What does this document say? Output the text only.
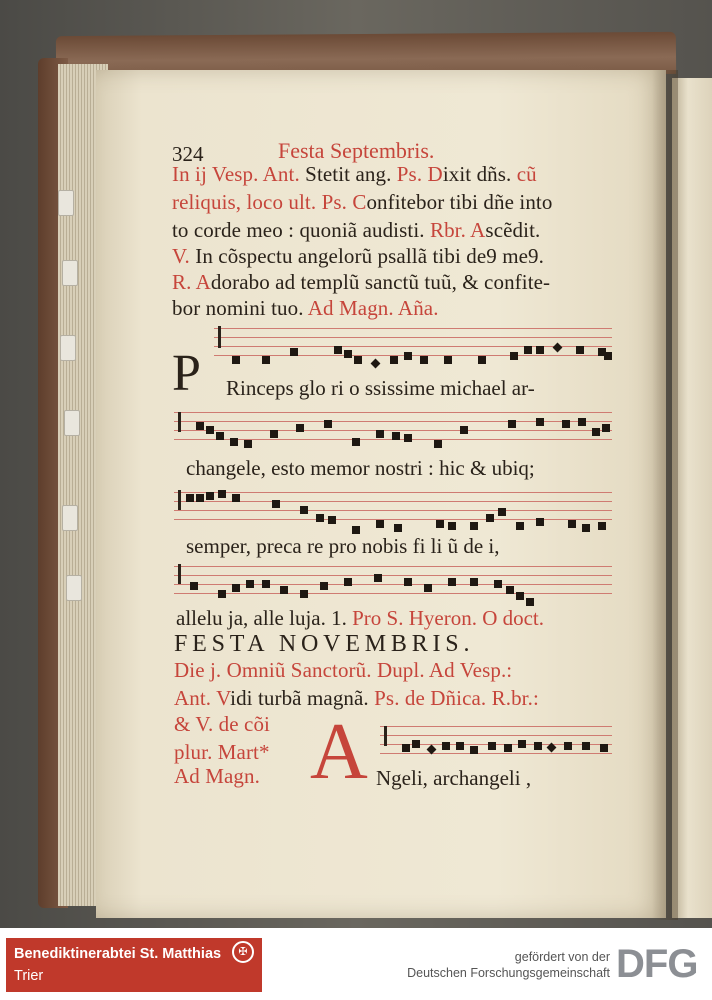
324	Festa Septembris.
In ij Vesp. Ant. Stetit ang. Ps. Dixit dñs. cũ
reliquis, loco ult. Ps. Confitebor tibi dñe into
to corde meo : quoniã audisti. Rbr. Ascẽdit.
V. In cõspectu angelorũ psallã tibi de9 me9.
R. Adorabo ad templũ sanctũ tuũ, & confite-
bor nomini tuo. Ad Magn. Aña.
P Rinceps glo ri o ssissime michael ar-
changele, esto memor nostri : hic & ubiq;
semper, preca re pro nobis fi li ũ de i,
allelu ja, alle luja. 1. Pro S. Hyeron. O doct.
FESTA NOVEMBRIS.
Die j. Omniũ Sanctorũ. Dupl. Ad Vesp.:
Ant. Vidi turbã magnã. Ps. de Dñica. R.br.:
& V. de cõi
plur. Mart*
Ad Magn. A Ngeli, archangeli ,
Benediktinerabtei St. Matthias
Trier
✠	gefördert von der
Deutschen Forschungsgemeinschaft DFG
